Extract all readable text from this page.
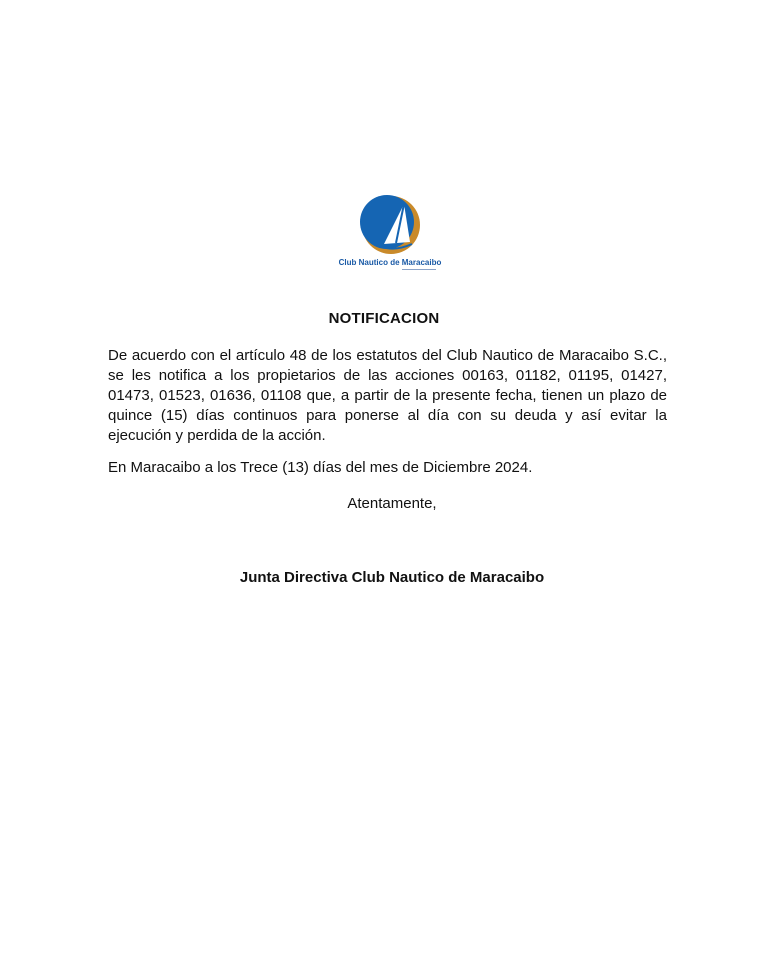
Club Nautico de Maracaibo
NOTIFICACION
De acuerdo con el artículo 48 de los estatutos del Club Nautico de Maracaibo S.C., se les notifica a los propietarios de las acciones 00163, 01182, 01195, 01427, 01473, 01523, 01636, 01108 que, a partir de la presente fecha, tienen un plazo de quince (15) días continuos para ponerse al día con su deuda y así evitar la ejecución y perdida de la acción.
En Maracaibo a los Trece (13) días del mes de Diciembre 2024.
Atentamente,
Junta Directiva Club Nautico de Maracaibo
